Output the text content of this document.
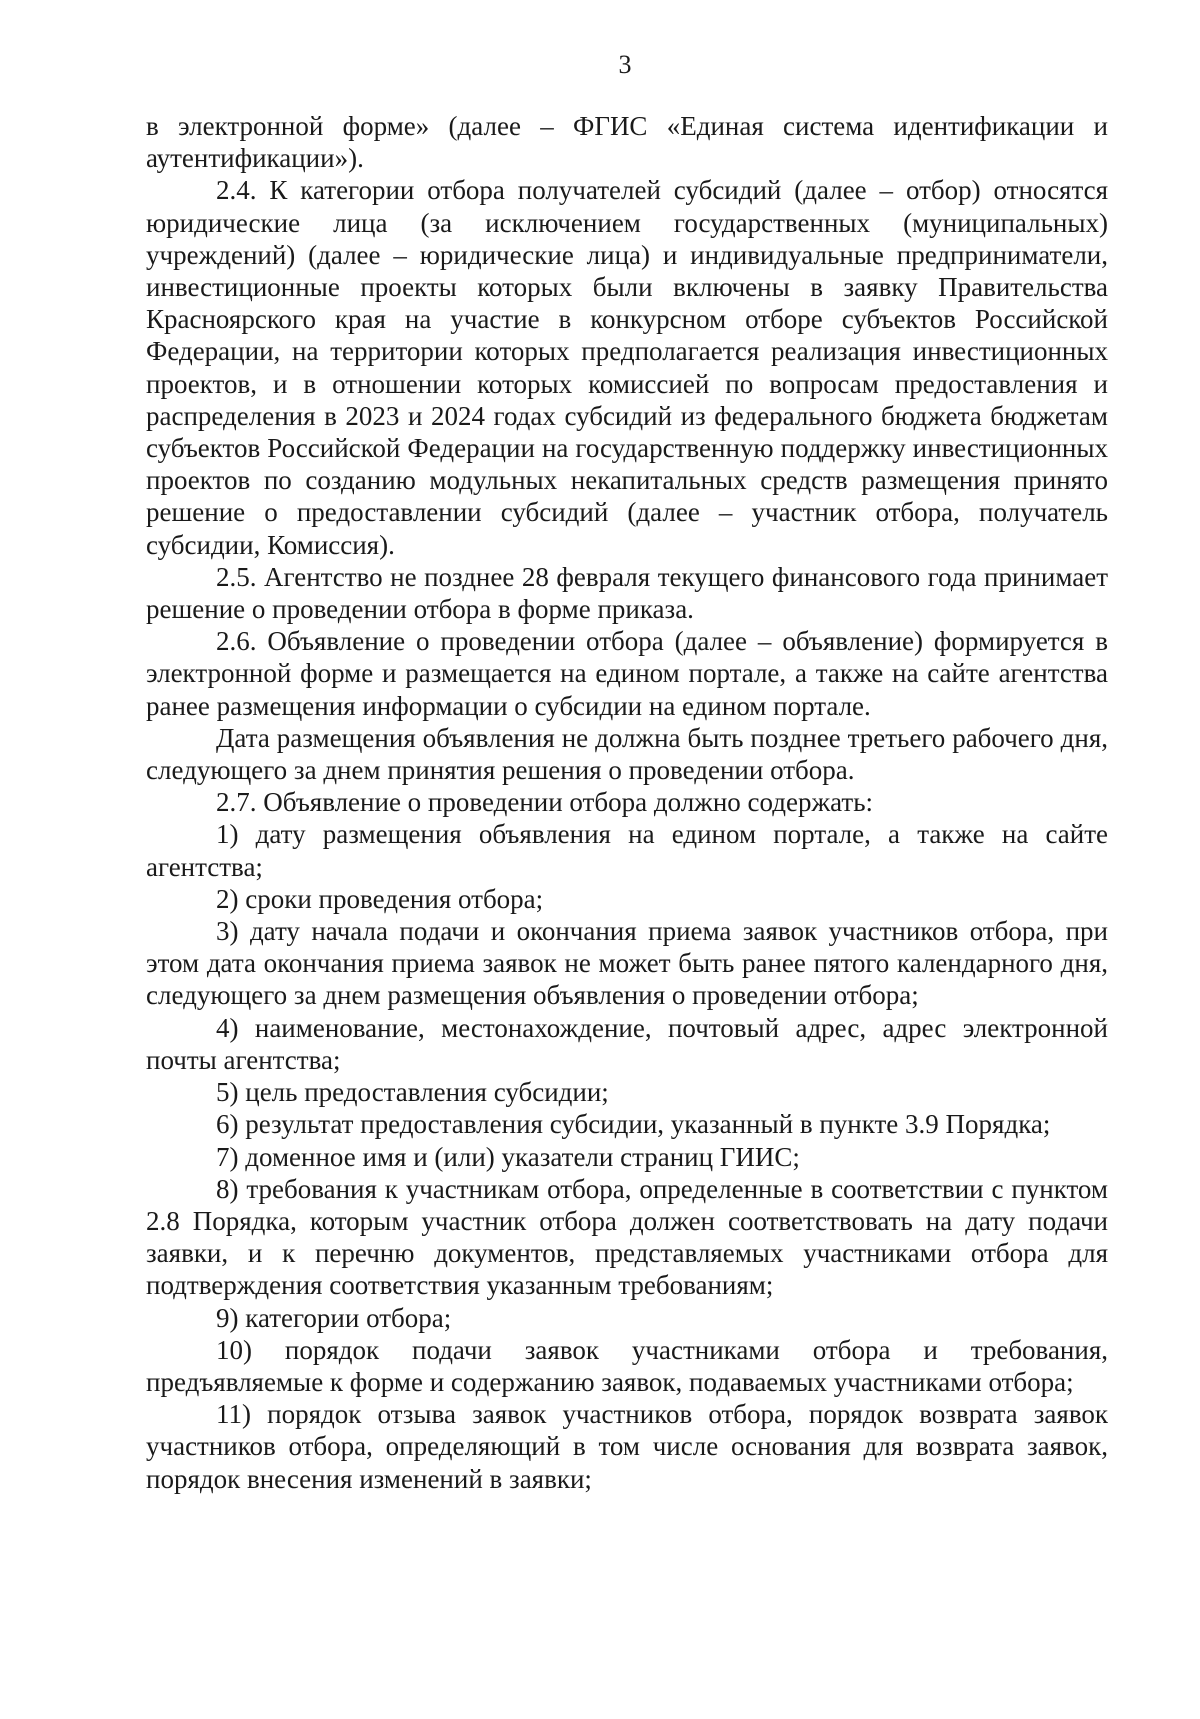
3

в электронной форме» (далее – ФГИС «Единая система идентификации и аутентификации»).

2.4. К категории отбора получателей субсидий (далее – отбор) относятся юридические лица (за исключением государственных (муниципальных) учреждений) (далее – юридические лица) и индивидуальные предприниматели, инвестиционные проекты которых были включены в заявку Правительства Красноярского края на участие в конкурсном отборе субъектов Российской Федерации, на территории которых предполагается реализация инвестиционных проектов, и в отношении которых комиссией по вопросам предоставления и распределения в 2023 и 2024 годах субсидий из федерального бюджета бюджетам субъектов Российской Федерации на государственную поддержку инвестиционных проектов по созданию модульных некапитальных средств размещения принято решение о предоставлении субсидий (далее – участник отбора, получатель субсидии, Комиссия).

2.5. Агентство не позднее 28 февраля текущего финансового года принимает решение о проведении отбора в форме приказа.

2.6. Объявление о проведении отбора (далее – объявление) формируется в электронной форме и размещается на едином портале, а также на сайте агентства ранее размещения информации о субсидии на едином портале.

Дата размещения объявления не должна быть позднее третьего рабочего дня, следующего за днем принятия решения о проведении отбора.

2.7. Объявление о проведении отбора должно содержать:

1) дату размещения объявления на едином портале, а также на сайте агентства;

2) сроки проведения отбора;

3) дату начала подачи и окончания приема заявок участников отбора, при этом дата окончания приема заявок не может быть ранее пятого календарного дня, следующего за днем размещения объявления о проведении отбора;

4) наименование, местонахождение, почтовый адрес, адрес электронной почты агентства;

5) цель предоставления субсидии;

6) результат предоставления субсидии, указанный в пункте 3.9 Порядка;

7) доменное имя и (или) указатели страниц ГИИС;

8) требования к участникам отбора, определенные в соответствии с пунктом 2.8 Порядка, которым участник отбора должен соответствовать на дату подачи заявки, и к перечню документов, представляемых участниками отбора для подтверждения соответствия указанным требованиям;

9) категории отбора;

10) порядок подачи заявок участниками отбора и требования, предъявляемые к форме и содержанию заявок, подаваемых участниками отбора;

11) порядок отзыва заявок участников отбора, порядок возврата заявок участников отбора, определяющий в том числе основания для возврата заявок, порядок внесения изменений в заявки;
